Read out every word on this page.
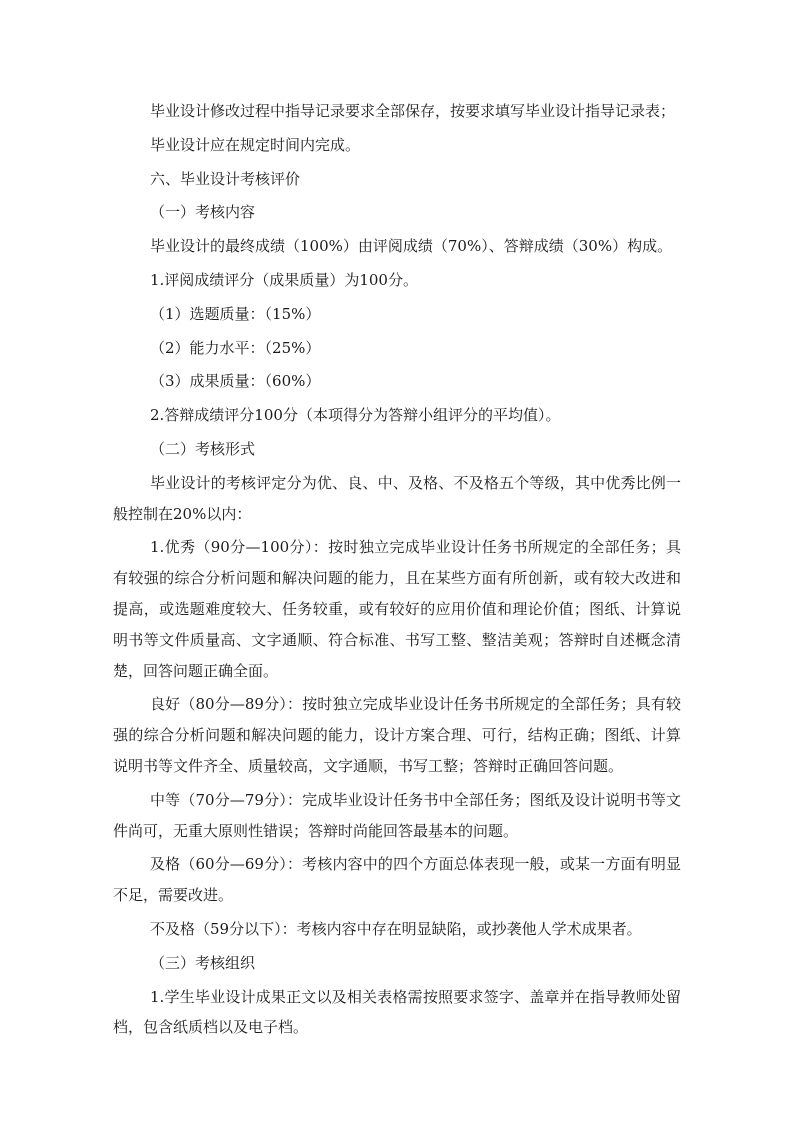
毕业设计修改过程中指导记录要求全部保存，按要求填写毕业设计指导记录表；

毕业设计应在规定时间内完成。

六、毕业设计考核评价

（一）考核内容

毕业设计的最终成绩（100%）由评阅成绩（70%）、答辩成绩（30%）构成。

1.评阅成绩评分（成果质量）为100分。

（1）选题质量：（15%）

（2）能力水平：（25%）

（3）成果质量：（60%）

2.答辩成绩评分100分（本项得分为答辩小组评分的平均值）。

（二）考核形式

毕业设计的考核评定分为优、良、中、及格、不及格五个等级，其中优秀比例一般控制在20%以内：

1.优秀（90分—100分）：按时独立完成毕业设计任务书所规定的全部任务；具有较强的综合分析问题和解决问题的能力，且在某些方面有所创新，或有较大改进和提高，或选题难度较大、任务较重，或有较好的应用价值和理论价值；图纸、计算说明书等文件质量高、文字通顺、符合标准、书写工整、整洁美观；答辩时自述概念清楚，回答问题正确全面。

良好（80分—89分）：按时独立完成毕业设计任务书所规定的全部任务；具有较强的综合分析问题和解决问题的能力，设计方案合理、可行，结构正确；图纸、计算说明书等文件齐全、质量较高，文字通顺，书写工整；答辩时正确回答问题。

中等（70分—79分）：完成毕业设计任务书中全部任务；图纸及设计说明书等文件尚可，无重大原则性错误；答辩时尚能回答最基本的问题。

及格（60分—69分）：考核内容中的四个方面总体表现一般，或某一方面有明显不足，需要改进。

不及格（59分以下）：考核内容中存在明显缺陷，或抄袭他人学术成果者。

（三）考核组织

1.学生毕业设计成果正文以及相关表格需按照要求签字、盖章并在指导教师处留档，包含纸质档以及电子档。
